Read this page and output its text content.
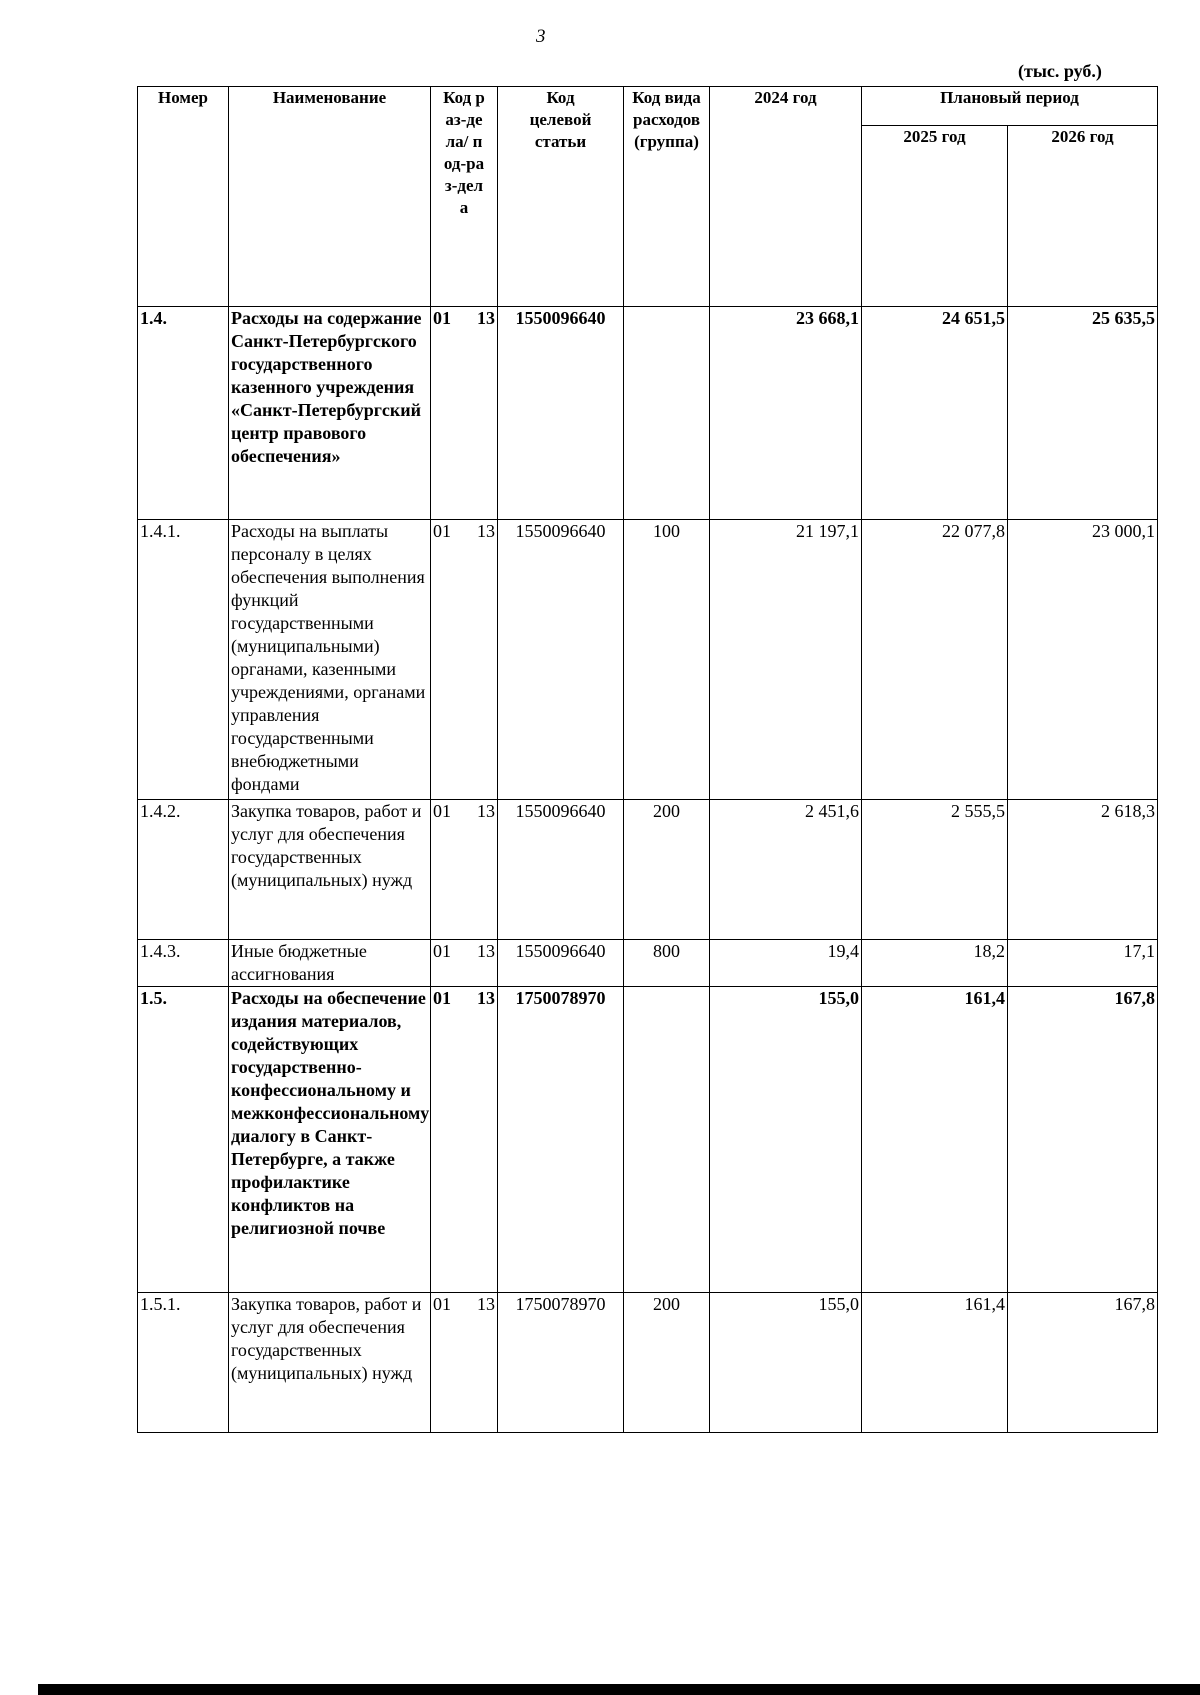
3
(тыс. руб.)
Номер	Наименование	Код раз-дела/ под-раз-дела	Код целевой статьи	Код вида расходов (группа)	2024 год	Плановый период	
						2025 год	2026 год
1.4.	Расходы на содержание Санкт-Петербургского государственного казенного учреждения «Санкт-Петербургский центр правового обеспечения»	01 13	1550096640		23 668,1	24 651,5	25 635,5
1.4.1.	Расходы на выплаты персоналу в целях обеспечения выполнения функций государственными (муниципальными) органами, казенными учреждениями, органами управления государственными внебюджетными фондами	01 13	1550096640	100	21 197,1	22 077,8	23 000,1
1.4.2.	Закупка товаров, работ и услуг для обеспечения государственных (муниципальных) нужд	01 13	1550096640	200	2 451,6	2 555,5	2 618,3
1.4.3.	Иные бюджетные ассигнования	01 13	1550096640	800	19,4	18,2	17,1
1.5.	Расходы на обеспечение издания материалов, содействующих государственно-конфессиональному и межконфессиональному диалогу в Санкт-Петербурге, а также профилактике конфликтов на религиозной почве	01 13	1750078970		155,0	161,4	167,8
1.5.1.	Закупка товаров, работ и услуг для обеспечения государственных (муниципальных) нужд	01 13	1750078970	200	155,0	161,4	167,8
